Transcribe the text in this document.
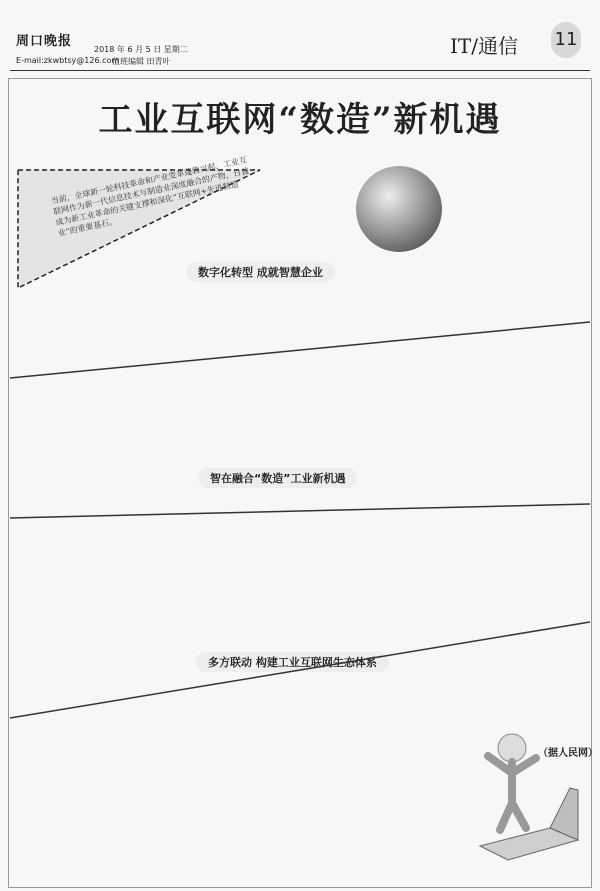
周口晚报
2018 年 6 月 5 日 星期二
E-mail:zkwbtsy@126.com
值班编辑 田青叶
IT/通信 11
工业互联网“数造”新机遇
当前，全球新一轮科技革命和产业变革蓬勃兴起，工业互联网作为新一代信息技术与制造业深度融合的产物，日益成为新工业革命的关键支撑和深化“互联网+先进制造业”的重要基石。
数字化转型 成就智慧企业
智在融合“数造”工业新机遇
多方联动 构建工业互联网生态体系
（据人民网）
